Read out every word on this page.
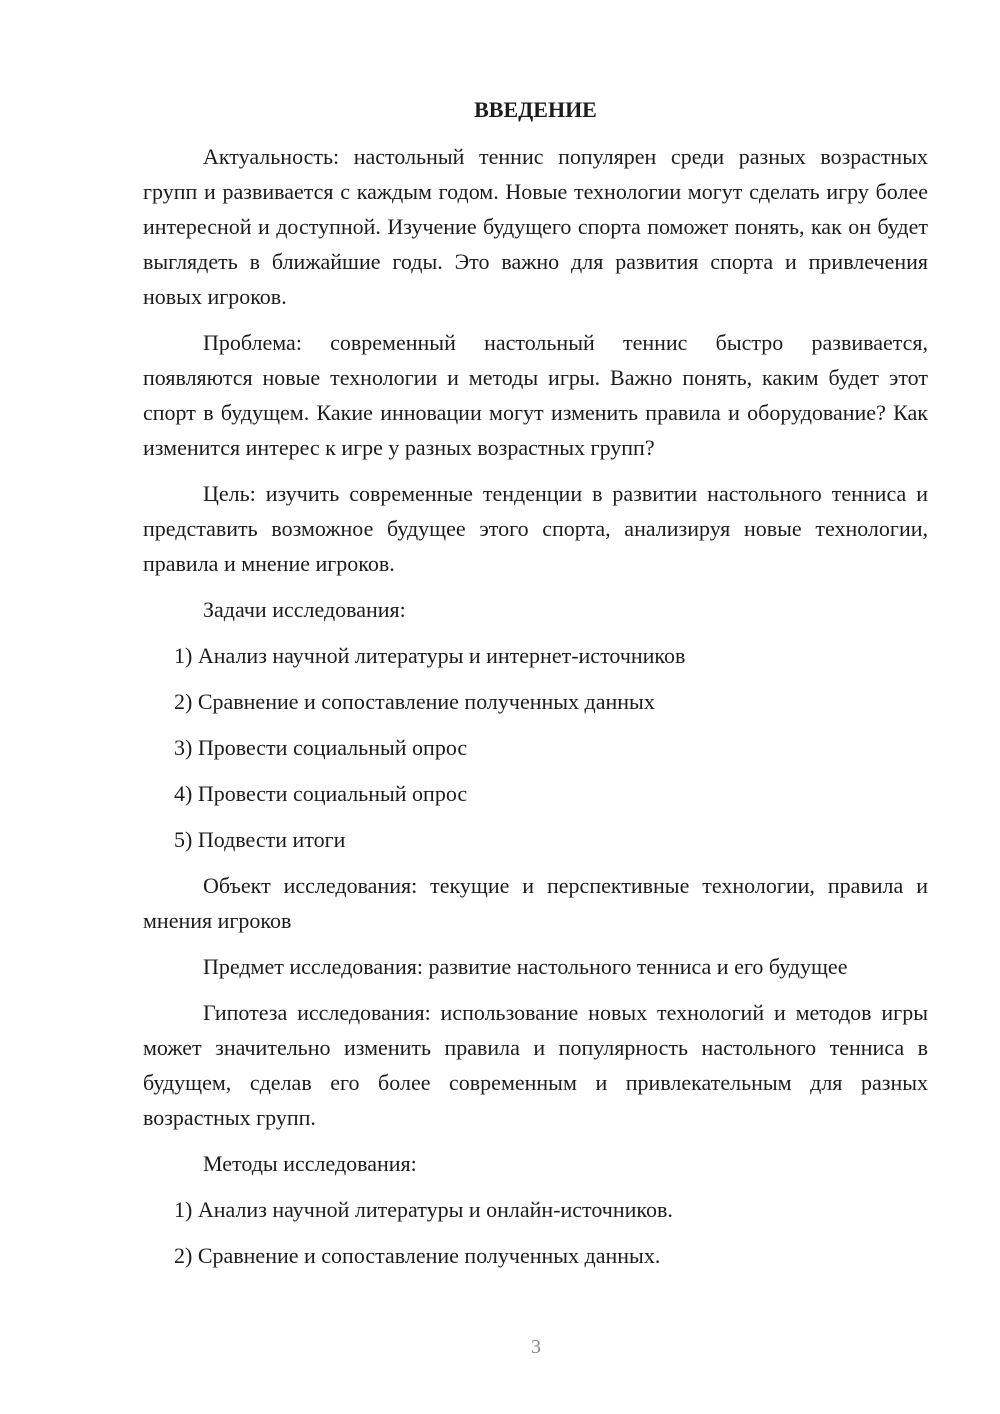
ВВЕДЕНИЕ

Актуальность: настольный теннис популярен среди разных возрастных групп и развивается с каждым годом. Новые технологии могут сделать игру более интересной и доступной. Изучение будущего спорта поможет понять, как он будет выглядеть в ближайшие годы. Это важно для развития спорта и привлечения новых игроков.

Проблема: современный настольный теннис быстро развивается, появляются новые технологии и методы игры. Важно понять, каким будет этот спорт в будущем. Какие инновации могут изменить правила и оборудование? Как изменится интерес к игре у разных возрастных групп?

Цель: изучить современные тенденции в развитии настольного тенниса и представить возможное будущее этого спорта, анализируя новые технологии, правила и мнение игроков.

Задачи исследования:

1) Анализ научной литературы и интернет-источников
2) Сравнение и сопоставление полученных данных
3) Провести социальный опрос
4) Провести социальный опрос
5) Подвести итоги

Объект исследования: текущие и перспективные технологии, правила и мнения игроков

Предмет исследования: развитие настольного тенниса и его будущее

Гипотеза исследования: использование новых технологий и методов игры может значительно изменить правила и популярность настольного тенниса в будущем, сделав его более современным и привлекательным для разных возрастных групп.

Методы исследования:

1) Анализ научной литературы и онлайн-источников.
2) Сравнение и сопоставление полученных данных.
3
